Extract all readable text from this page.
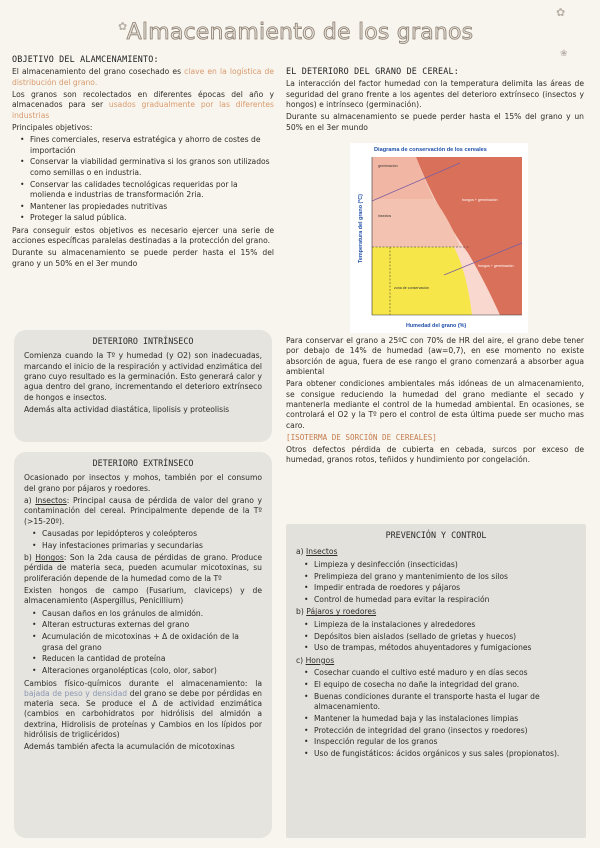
✿
✿
❀
Almacenamiento de los granos
OBJETIVO DEL ALAMCENAMIENTO:

El almacenamiento del grano cosechado es clave en la logística de distribución del grano.

Los granos son recolectados en diferentes épocas del año y almacenados para ser usados gradualmente por las diferentes industrias

Principales objetivos:

• Fines comerciales, reserva estratégica y ahorro de costes de importación
• Conservar la viabilidad germinativa si los granos son utilizados como semillas o en industria.
• Conservar las calidades tecnológicas requeridas por la molienda e industrias de transformación 2ria.
• Mantener las propiedades nutritivas
• Proteger la salud pública.

Para conseguir estos objetivos es necesario ejercer una serie de acciones específicas paralelas destinadas a la protección del grano.

Durante su almacenamiento se puede perder hasta el 15% del grano y un 50% en el 3er mundo

DETERIORO INTRÍNSECO

Comienza cuando la Tº y humedad (y O2) son inadecuadas, marcando el inicio de la respiración y actividad enzimática del grano cuyo resultado es la germinación. Esto generará calor y agua dentro del grano, incrementando el deterioro extrínseco de hongos e insectos.

Además alta actividad diastática, lipolisis y proteolisis

DETERIORO EXTRÍNSECO

Ocasionado por insectos y mohos, también por el consumo del grano por pájaros y roedores.

a) Insectos: Principal causa de pérdida de valor del grano y contaminación del cereal. Principalmente depende de la Tº (>15-20º).

• Causadas por lepidópteros y coleópteros
• Hay infestaciones primarias y secundarias

b) Hongos: Son la 2da causa de pérdidas de grano. Produce pérdida de materia seca, pueden acumular micotoxinas, su proliferación depende de la humedad como de la Tº

Existen hongos de campo (Fusarium, claviceps) y de almacenamiento (Aspergillus, Penicillium)

• Causan daños en los gránulos de almidón.
• Alteran estructuras externas del grano
• Acumulación de micotoxinas + Δ de oxidación de la grasa del grano
• Reducen la cantidad de proteína
• Alteraciones organolépticas (colo, olor, sabor)

Cambios físico-químicos durante el almacenamiento: la bajada de peso y densidad del grano se debe por pérdidas en materia seca. Se produce el Δ de actividad enzimática (cambios en carbohidratos por hidrólisis del almidón a dextrina, Hidrolisis de proteínas y Cambios en los lípidos por hidrólisis de triglicéridos)

Además también afecta la acumulación de micotoxinas

EL DETERIORO DEL GRANO DE CEREAL:

La interacción del factor humedad con la temperatura delimita las áreas de seguridad del grano frente a los agentes del deterioro extrínseco (insectos y hongos) e intrínseco (germinación).

Durante su almacenamiento se puede perder hasta el 15% del grano y un 50% en el 3er mundo

Diagrama de conservación de los cereales
germinación
insectos
hongos + germinación
hongos + germinación
zona de conservación
Temperatura del grano (ºC)
Humedad del grano (%)

Para conservar el grano a 25ºC con 70% de HR del aire, el grano debe tener por debajo de 14% de humedad (aw=0,7), en ese momento no existe absorción de agua, fuera de ese rango el grano comenzará a absorber agua ambiental

Para obtener condiciones ambientales más idóneas de un almacenamiento, se consigue reduciendo la humedad del grano mediante el secado y mantenerla mediante el control de la humedad ambiental. En ocasiones, se controlará el O2 y la Tº pero el control de esta última puede ser mucho mas caro.

[ISOTERMA DE SORCIÓN DE CEREALES]

Otros defectos pérdida de cubierta en cebada, surcos por exceso de humedad, granos rotos, teñidos y hundimiento por congelación.

PREVENCIÓN Y CONTROL

a) Insectos

• Limpieza y desinfección (insecticidas)
• Prelimpieza del grano y mantenimiento de los silos
• Impedir entrada de roedores y pájaros
• Control de humedad para evitar la respiración

b) Pájaros y roedores

• Limpieza de la instalaciones y alrededores
• Depósitos bien aislados (sellado de grietas y huecos)
• Uso de trampas, métodos ahuyentadores y fumigaciones

c) Hongos

• Cosechar cuando el cultivo esté maduro y en días secos
• El equipo de cosecha no dañe la integridad del grano.
• Buenas condiciones durante el transporte hasta el lugar de almacenamiento.
• Mantener la humedad baja y las instalaciones limpias
• Protección de integridad del grano (insectos y roedores)
• Inspección regular de los granos
• Uso de fungistáticos: ácidos orgánicos y sus sales (propionatos).
